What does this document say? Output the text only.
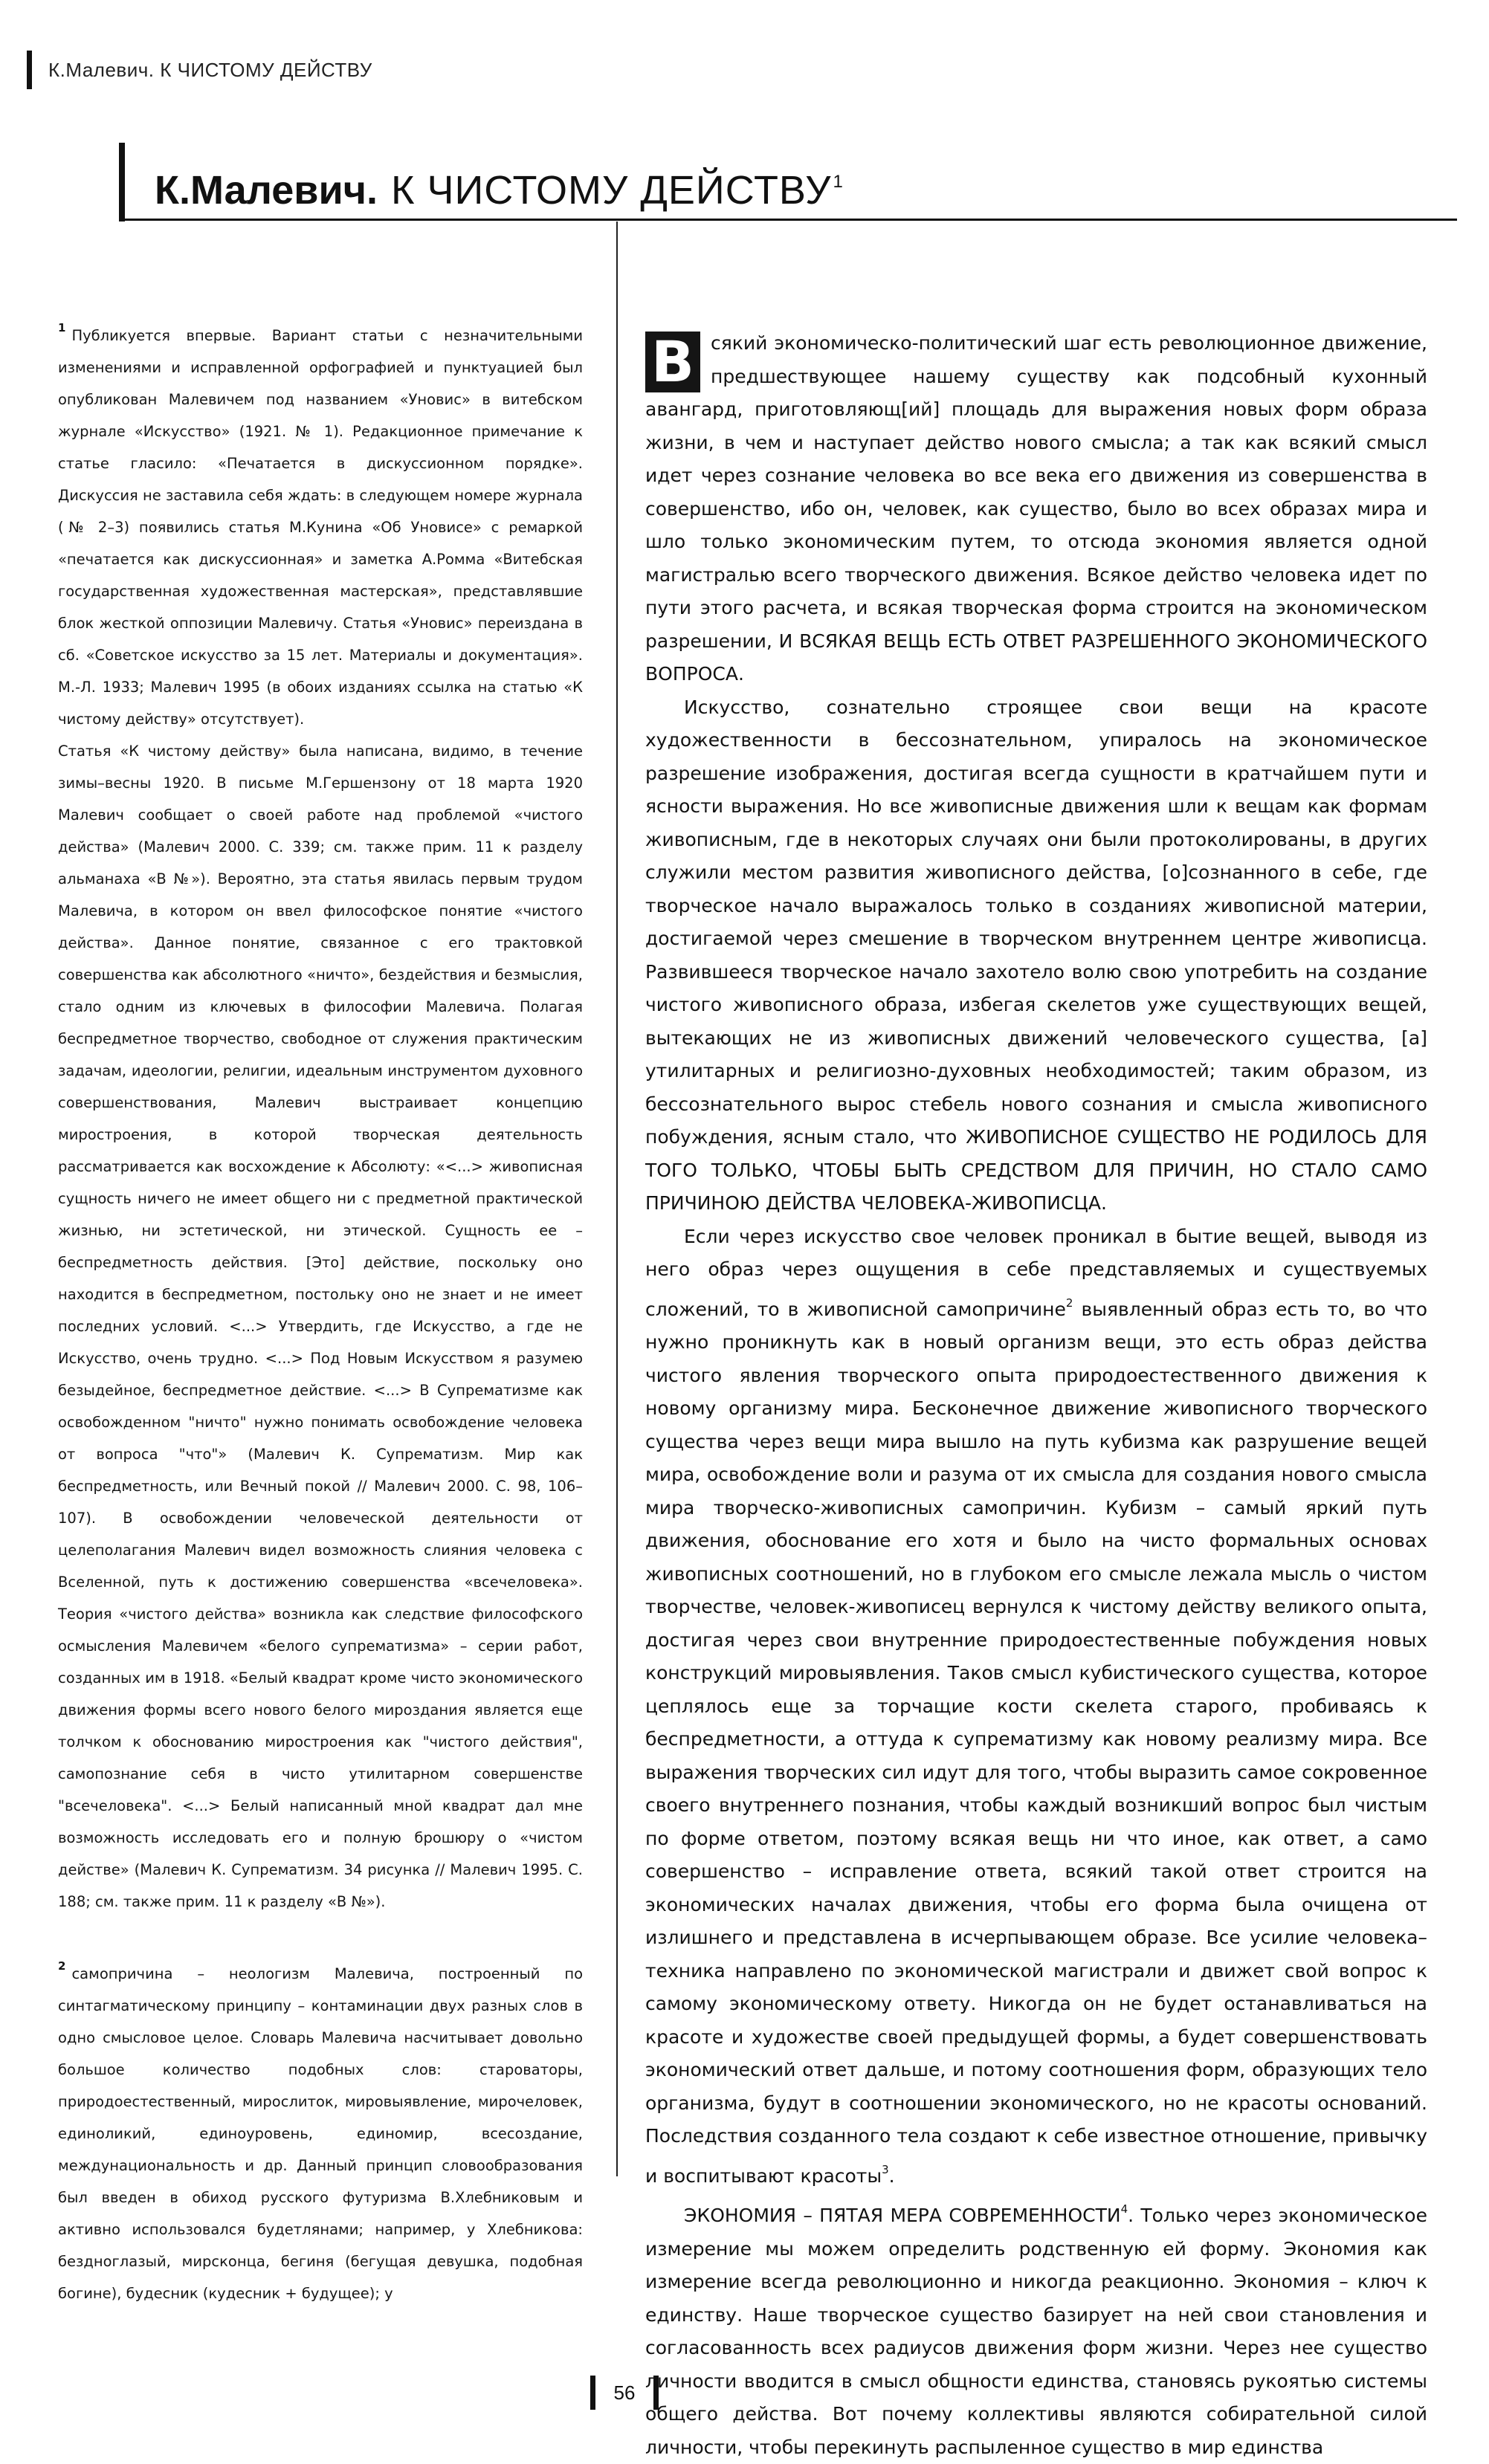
К.Малевич. К ЧИСТОМУ ДЕЙСТВУ
К.Малевич. К ЧИСТОМУ ДЕЙСТВУ$^1$

$^1$ Публикуется впервые. Вариант статьи с незначительными изменениями и исправленной орфографией и пунктуацией был опубликован Малевичем под названием «Уновис» в витебском журнале «Искусство» (1921. № 1). Редакционное примечание к статье гласило: «Печатается в дискуссионном порядке». Дискуссия не заставила себя ждать: в следующем номере журнала (№ 2–3) появились статья М.Кунина «Об Уновисе» с ремаркой «печатается как дискуссионная» и заметка А.Ромма «Витебская государственная художественная мастерская», представлявшие блок жесткой оппозиции Малевичу. Статья «Уновис» переиздана в сб. «Советское искусство за 15 лет. Материалы и документация». М.-Л. 1933; Малевич 1995 (в обоих изданиях ссылка на статью «К чистому действу» отсутствует).

Статья «К чистому действу» была написана, видимо, в течение зимы–весны 1920. В письме М.Гершензону от 18 марта 1920 Малевич сообщает о своей работе над проблемой «чистого действа» (Малевич 2000. С. 339; см. также прим. 11 к разделу альманаха «В №»). Вероятно, эта статья явилась первым трудом Малевича, в котором он ввел философское понятие «чистого действа». Данное понятие, связанное с его трактовкой совершенства как абсолютного «ничто», бездействия и безмыслия, стало одним из ключевых в философии Малевича. Полагая беспредметное творчество, свободное от служения практическим задачам, идеологии, религии, идеальным инструментом духовного совершенствования, Малевич выстраивает концепцию миростроения, в которой творческая деятельность рассматривается как восхождение к Абсолюту: «<...> живописная сущность ничего не имеет общего ни с предметной практической жизнью, ни эстетической, ни этической. Сущность ее – беспредметность действия. [Это] действие, поскольку оно находится в беспредметном, постольку оно не знает и не имеет последних условий. <...> Утвердить, где Искусство, а где не Искусство, очень трудно. <...> Под Новым Искусством я разумею безыдейное, беспредметное действие. <...> В Супрематизме как освобожденном "ничто" нужно понимать освобождение человека от вопроса "что"» (Малевич К. Супрематизм. Мир как беспредметность, или Вечный покой // Малевич 2000. С. 98, 106–107). В освобождении человеческой деятельности от целеполагания Малевич видел возможность слияния человека с Вселенной, путь к достижению совершенства «всечеловека». Теория «чистого действа» возникла как следствие философского осмысления Малевичем «белого супрематизма» – серии работ, созданных им в 1918. «Белый квадрат кроме чисто экономического движения формы всего нового белого мироздания является еще толчком к обоснованию миростроения как "чистого действия", самопознание себя в чисто утилитарном совершенстве "всечеловека". <...> Белый написанный мной квадрат дал мне возможность исследовать его и полную брошюру о «чистом действе» (Малевич К. Супрематизм. 34 рисунка // Малевич 1995. С. 188; см. также прим. 11 к разделу «В №»).

$^2$ самопричина – неологизм Малевича, построенный по синтагматическому принципу – контаминации двух разных слов в одно смысловое целое. Словарь Малевича насчитывает довольно большое количество подобных слов: староваторы, природоестественный, мирослиток, мировыявление, мирочеловек, единоликий, единоуровень, единомир, всесоздание, междунациональность и др. Данный принцип словообразования был введен в обиход русского футуризма В.Хлебниковым и активно использовался будетлянами; например, у Хлебникова: бездноглазый, мирсконца, бегиня (бегущая девушка, подобная богине), будесник (кудесник + будущее); у

В сякий экономическо-политический шаг есть революционное движение, предшествующее нашему существу как подсобный кухонный авангард, приготовляющ[ий] площадь для выражения новых форм образа жизни, в чем и наступает действо нового смысла; а так как всякий смысл идет через сознание человека во все века его движения из совершенства в совершенство, ибо он, человек, как существо, было во всех образах мира и шло только экономическим путем, то отсюда экономия является одной магистралью всего творческого движения. Всякое действо человека идет по пути этого расчета, и всякая творческая форма строится на экономическом разрешении, И ВСЯКАЯ ВЕЩЬ ЕСТЬ ОТВЕТ РАЗРЕШЕННОГО ЭКОНОМИЧЕСКОГО ВОПРОСА.

Искусство, сознательно строящее свои вещи на красоте художественности в бессознательном, упиралось на экономическое разрешение изображения, достигая всегда сущности в кратчайшем пути и ясности выражения. Но все живописные движения шли к вещам как формам живописным, где в некоторых случаях они были протоколированы, в других служили местом развития живописного действа, [о]сознанного в себе, где творческое начало выражалось только в созданиях живописной материи, достигаемой через смешение в творческом внутреннем центре живописца. Развившееся творческое начало захотело волю свою употребить на создание чистого живописного образа, избегая скелетов уже существующих вещей, вытекающих не из живописных движений человеческого существа, [а] утилитарных и религиозно-духовных необходимостей; таким образом, из бессознательного вырос стебель нового сознания и смысла живописного побуждения, ясным стало, что ЖИВОПИСНОЕ СУЩЕСТВО НЕ РОДИЛОСЬ ДЛЯ ТОГО ТОЛЬКО, ЧТОБЫ БЫТЬ СРЕДСТВОМ ДЛЯ ПРИЧИН, НО СТАЛО САМО ПРИЧИНОЮ ДЕЙСТВА ЧЕЛОВЕКА-ЖИВОПИСЦА.

Если через искусство свое человек проникал в бытие вещей, выводя из него образ через ощущения в себе представляемых и существуемых сложений, то в живописной самопричине$^2$ выявленный образ есть то, во что нужно проникнуть как в новый организм вещи, это есть образ действа чистого явления творческого опыта природоестественного движения к новому организму мира. Бесконечное движение живописного творческого существа через вещи мира вышло на путь кубизма как разрушение вещей мира, освобождение воли и разума от их смысла для создания нового смысла мира творческо-живописных самопричин. Кубизм – самый яркий путь движения, обоснование его хотя и было на чисто формальных основах живописных соотношений, но в глубоком его смысле лежала мысль о чистом творчестве, человек-живописец вернулся к чистому действу великого опыта, достигая через свои внутренние природоестественные побуждения новых конструкций мировыявления. Таков смысл кубистического существа, которое цеплялось еще за торчащие кости скелета старого, пробиваясь к беспредметности, а оттуда к супрематизму как новому реализму мира. Все выражения творческих сил идут для того, чтобы выразить самое сокровенное своего внутреннего познания, чтобы каждый возникший вопрос был чистым по форме ответом, поэтому всякая вещь ни что иное, как ответ, а само совершенство – исправление ответа, всякий такой ответ строится на экономических началах движения, чтобы его форма была очищена от излишнего и представлена в исчерпывающем образе. Все усилие человека– техника направлено по экономической магистрали и движет свой вопрос к самому экономическому ответу. Никогда он не будет останавливаться на красоте и художестве своей предыдущей формы, а будет совершенствовать экономический ответ дальше, и потому соотношения форм, образующих тело организма, будут в соотношении экономического, но не красоты оснований. Последствия созданного тела создают к себе известное отношение, привычку и воспитывают красоты$^3$.

ЭКОНОМИЯ – ПЯТАЯ МЕРА СОВРЕМЕННОСТИ$^4$. Только через экономическое измерение мы можем определить родственную ей форму. Экономия как измерение всегда революционно и никогда реакционно. Экономия – ключ к единству. Наше творческое существо базирует на ней свои становления и согласованность всех радиусов движения форм жизни. Через нее существо личности вводится в смысл общности единства, становясь рукоятью системы общего действа. Вот почему коллективы являются собирательной силой личности, чтобы перекинуть распыленное существо в мир единства

56
